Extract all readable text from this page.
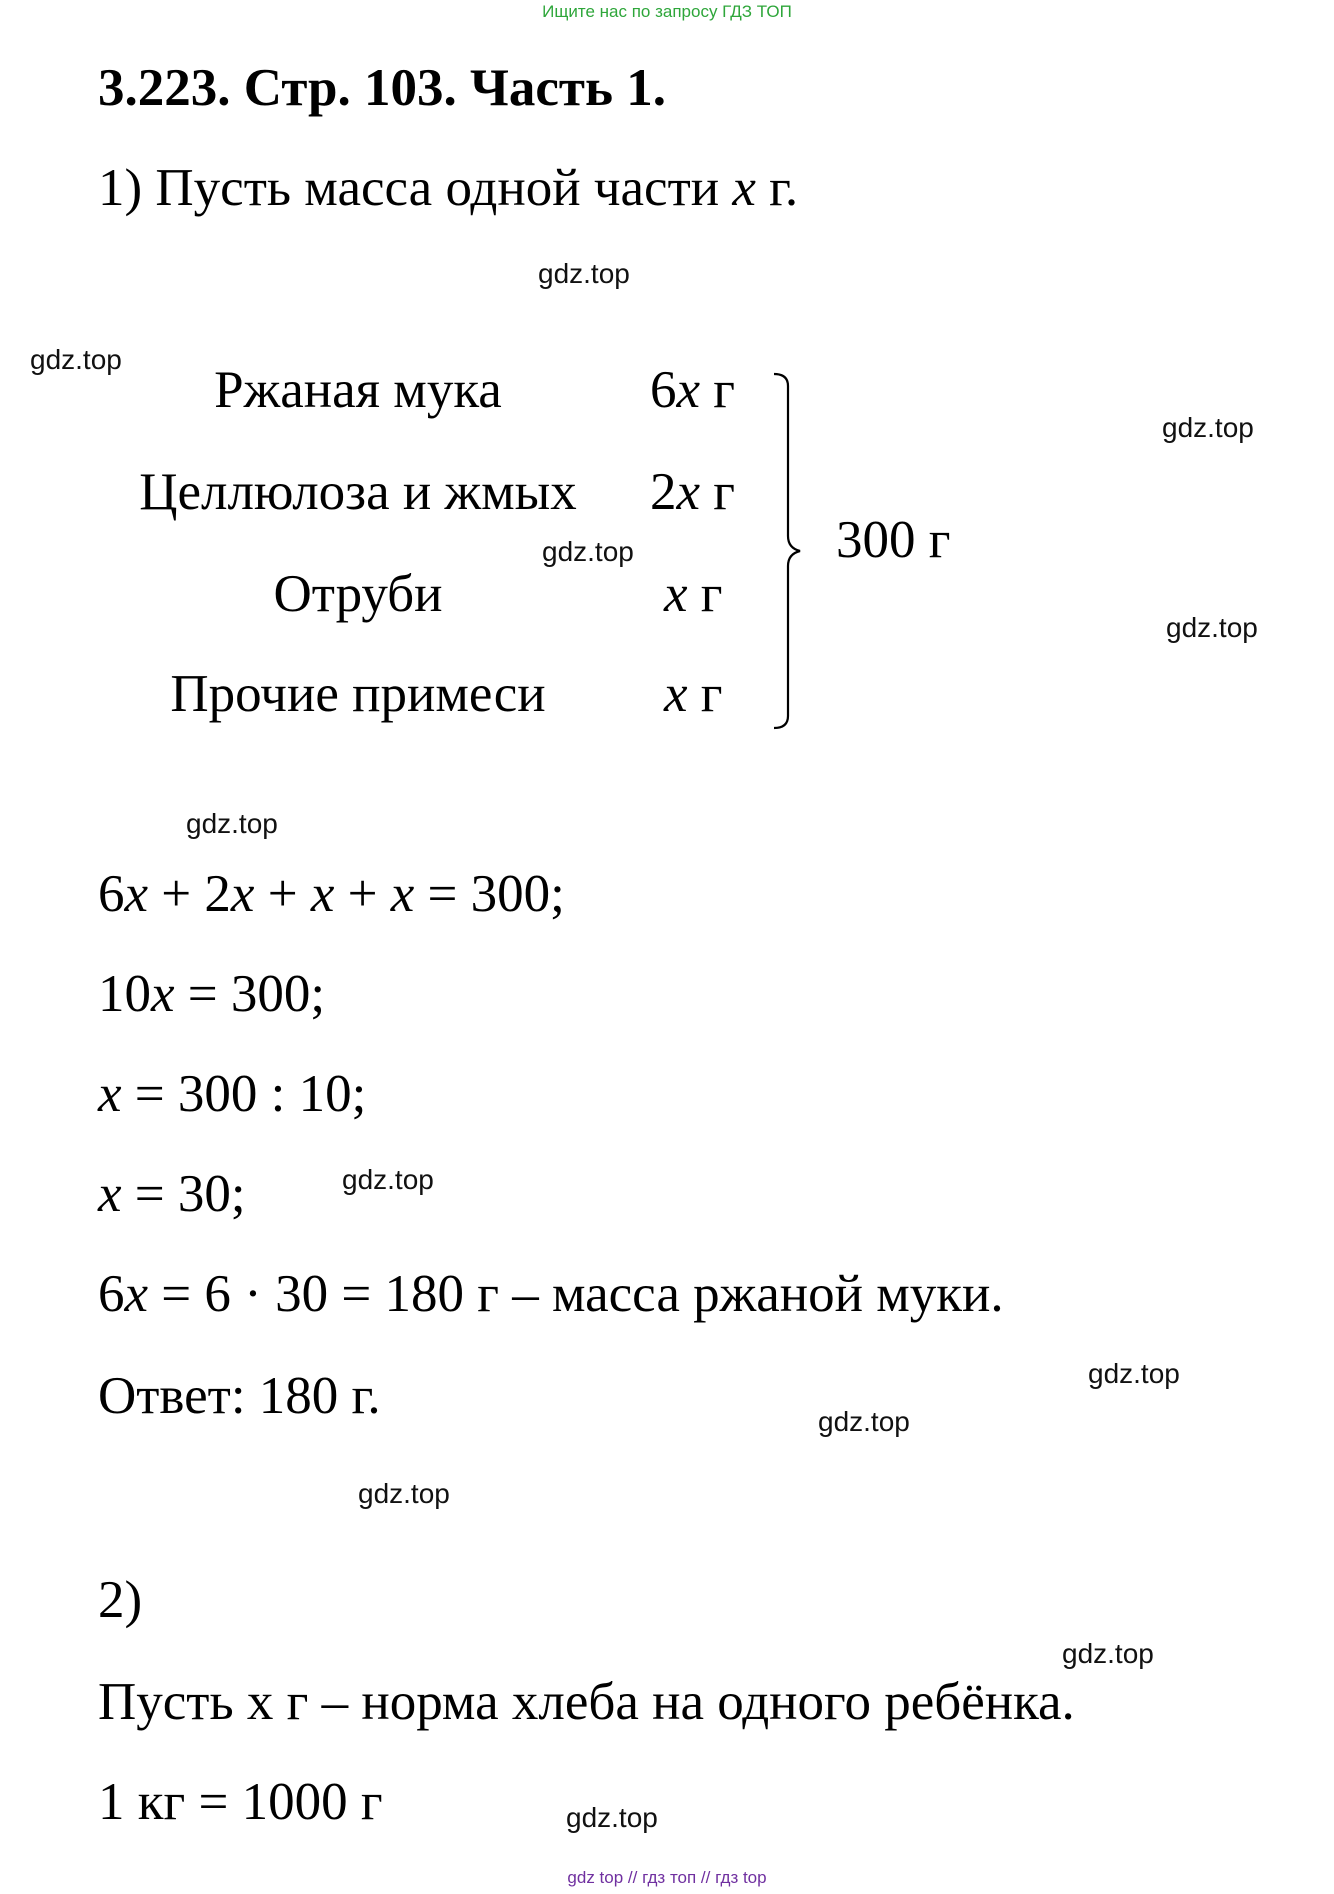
Ищите нас по запросу ГДЗ ТОП
3.223. Стр. 103. Часть 1.
1) Пусть масса одной части x г.
Ржаная мука
Целлюлоза и жмых
Отруби
Прочие примеси
6x г
2x г
x г
x г
300 г
6x + 2x + x + x = 300;
10x = 300;
x = 300 : 10;
x = 30;
6x = 6 · 30 = 180 г – масса ржаной муки.
Ответ: 180 г.
2)
Пусть х г – норма хлеба на одного ребёнка.
1 кг = 1000 г
gdz.top
gdz.top
gdz.top
gdz.top
gdz.top
gdz.top
gdz.top
gdz.top
gdz.top
gdz.top
gdz.top
gdz.top
gdz top // гдз топ // гдз top
